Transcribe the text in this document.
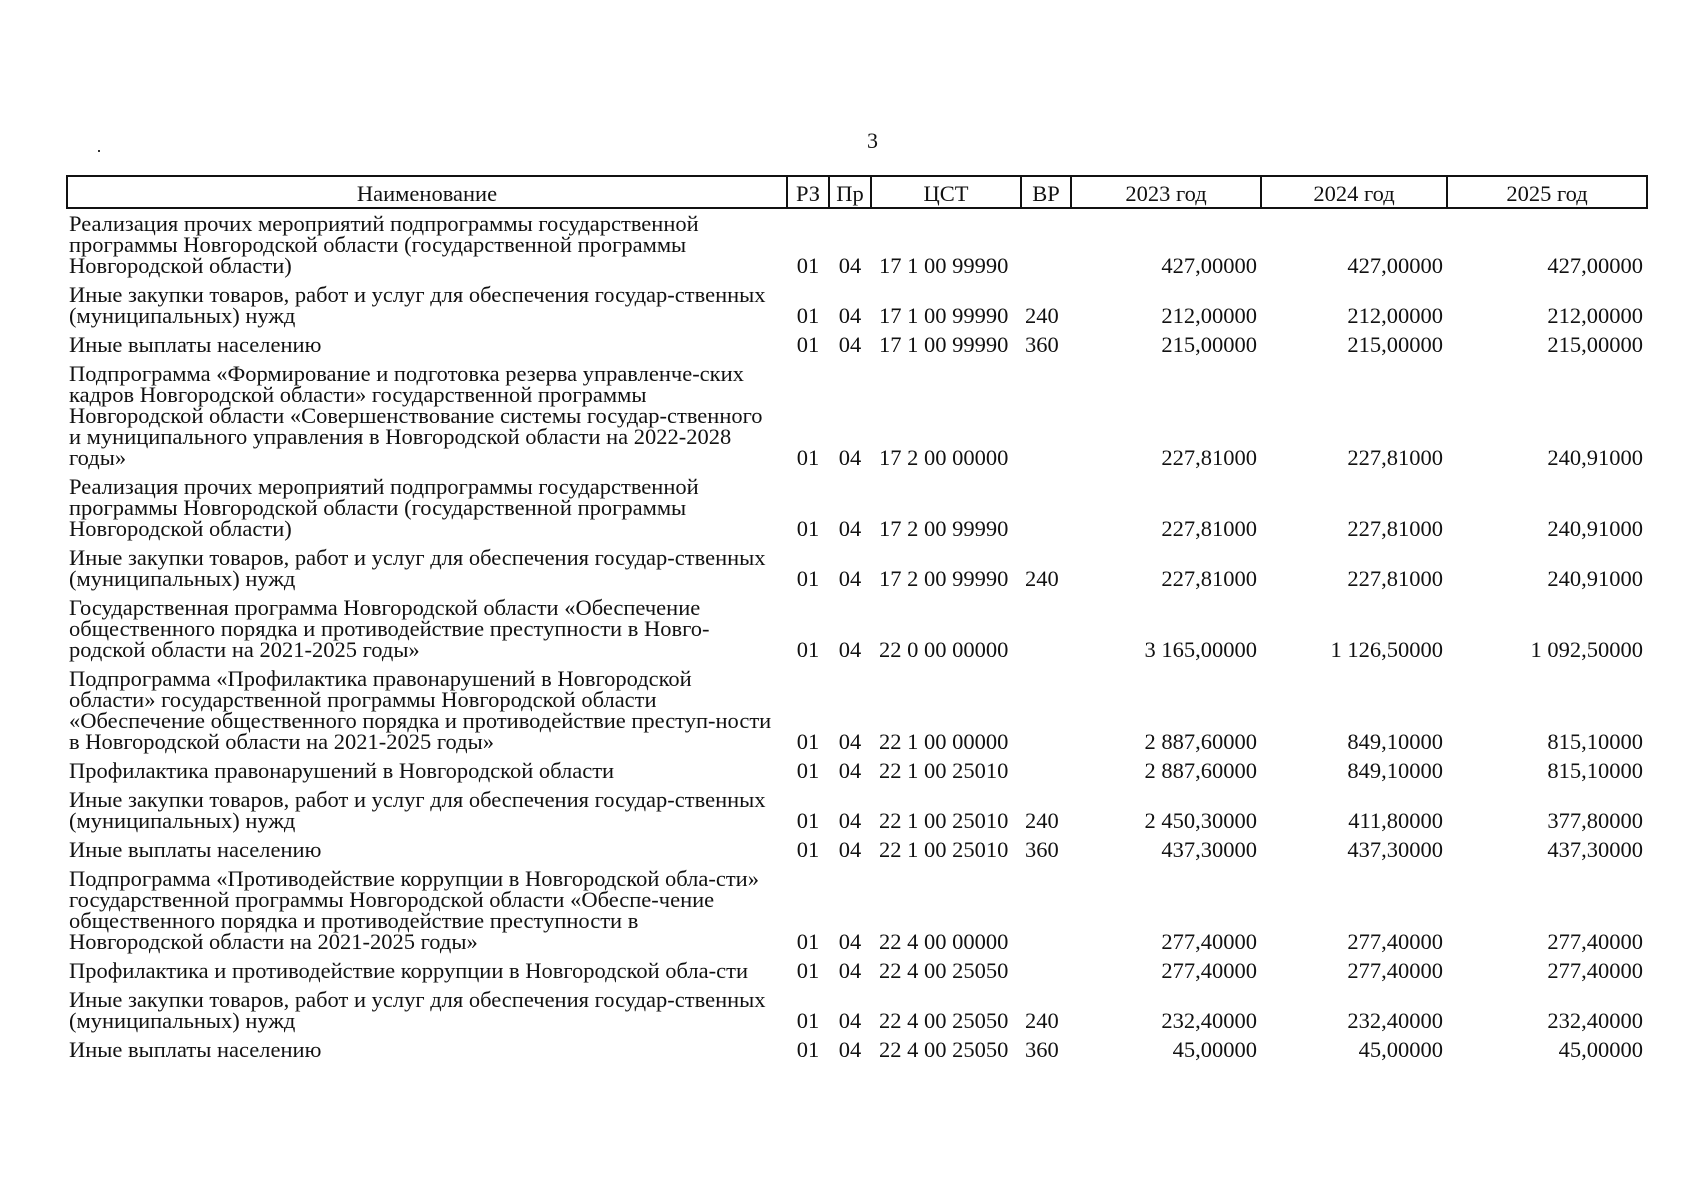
3
Наименование	РЗ	Пр	ЦСТ	ВР	2023 год	2024 год	2025 год
Реализация прочих мероприятий подпрограммы государственной программы Новгородской области (государственной программы Новгородской области)	01	04	17 1 00 99990		427,00000	427,00000	427,00000
Иные закупки товаров, работ и услуг для обеспечения государ-ственных (муниципальных) нужд	01	04	17 1 00 99990	240	212,00000	212,00000	212,00000
Иные выплаты населению	01	04	17 1 00 99990	360	215,00000	215,00000	215,00000
Подпрограмма «Формирование и подготовка резерва управленче-ских кадров Новгородской области» государственной программы Новгородской области «Совершенствование системы государ-ственного и муниципального управления в Новгородской области на 2022-2028 годы»	01	04	17 2 00 00000		227,81000	227,81000	240,91000
Реализация прочих мероприятий подпрограммы государственной программы Новгородской области (государственной программы Новгородской области)	01	04	17 2 00 99990		227,81000	227,81000	240,91000
Иные закупки товаров, работ и услуг для обеспечения государ-ственных (муниципальных) нужд	01	04	17 2 00 99990	240	227,81000	227,81000	240,91000
Государственная программа Новгородской области «Обеспечение общественного порядка и противодействие преступности в Новго-родской области на 2021-2025 годы»	01	04	22 0 00 00000		3 165,00000	1 126,50000	1 092,50000
Подпрограмма «Профилактика правонарушений в Новгородской области» государственной программы Новгородской области «Обеспечение общественного порядка и противодействие преступ-ности в Новгородской области на 2021-2025 годы»	01	04	22 1 00 00000		2 887,60000	849,10000	815,10000
Профилактика правонарушений в Новгородской области	01	04	22 1 00 25010		2 887,60000	849,10000	815,10000
Иные закупки товаров, работ и услуг для обеспечения государ-ственных (муниципальных) нужд	01	04	22 1 00 25010	240	2 450,30000	411,80000	377,80000
Иные выплаты населению	01	04	22 1 00 25010	360	437,30000	437,30000	437,30000
Подпрограмма «Противодействие коррупции в Новгородской обла-сти» государственной программы Новгородской области «Обеспе-чение общественного порядка и противодействие преступности в Новгородской области на 2021-2025 годы»	01	04	22 4 00 00000		277,40000	277,40000	277,40000
Профилактика и противодействие коррупции в Новгородской обла-сти	01	04	22 4 00 25050		277,40000	277,40000	277,40000
Иные закупки товаров, работ и услуг для обеспечения государ-ственных (муниципальных) нужд	01	04	22 4 00 25050	240	232,40000	232,40000	232,40000
Иные выплаты населению	01	04	22 4 00 25050	360	45,00000	45,00000	45,00000
